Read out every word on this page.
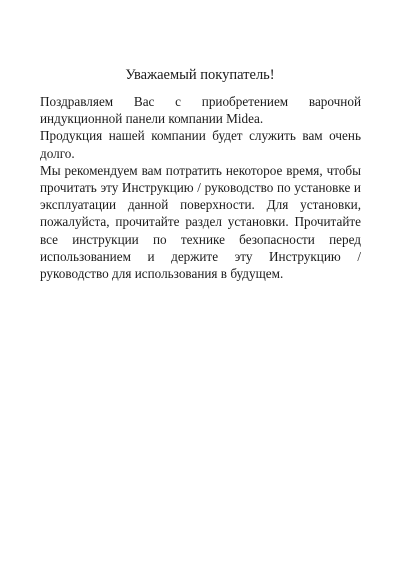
Уважаемый покупатель!

Поздравляем Вас с приобретением варочной индукционной панели компании Midea.

Продукция нашей компании будет служить вам очень долго.

Мы рекомендуем вам потратить некоторое время, чтобы прочитать эту Инструкцию / руководство по установке и эксплуатации данной поверхности. Для установки, пожалуйста, прочитайте раздел установки. Прочитайте все инструкции по технике безопасности перед использованием и держите эту Инструкцию / руководство для использования в будущем.
